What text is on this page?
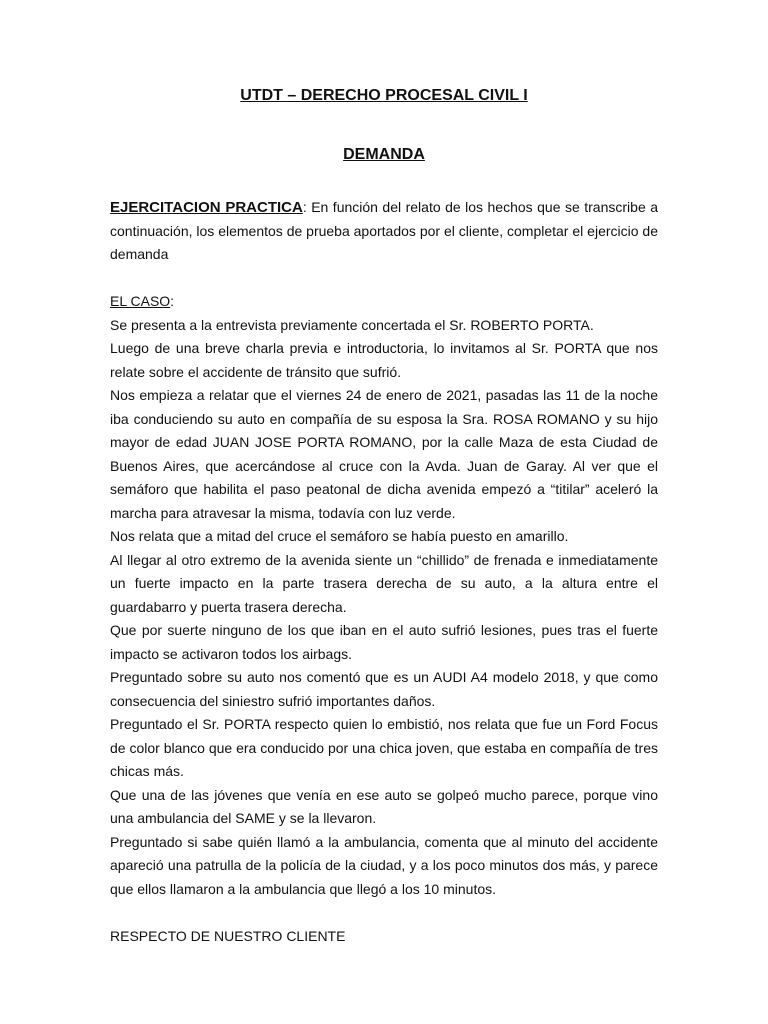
UTDT – DERECHO PROCESAL CIVIL I
DEMANDA

EJERCITACION PRACTICA: En función del relato de los hechos que se transcribe a continuación, los elementos de prueba aportados por el cliente, completar el ejercicio de demanda

EL CASO:

Se presenta a la entrevista previamente concertada el Sr. ROBERTO PORTA.

Luego de una breve charla previa e introductoria, lo invitamos al Sr. PORTA que nos relate sobre el accidente de tránsito que sufrió.

Nos empieza a relatar que el viernes 24 de enero de 2021, pasadas las 11 de la noche iba conduciendo su auto en compañía de su esposa la Sra. ROSA ROMANO y su hijo mayor de edad JUAN JOSE PORTA ROMANO, por la calle Maza de esta Ciudad de Buenos Aires, que acercándose al cruce con la Avda. Juan de Garay. Al ver que el semáforo que habilita el paso peatonal de dicha avenida empezó a “titilar” aceleró la marcha para atravesar la misma, todavía con luz verde.

Nos relata que a mitad del cruce el semáforo se había puesto en amarillo.

Al llegar al otro extremo de la avenida siente un “chillido” de frenada e inmediatamente un fuerte impacto en la parte trasera derecha de su auto, a la altura entre el guardabarro y puerta trasera derecha.

Que por suerte ninguno de los que iban en el auto sufrió lesiones, pues tras el fuerte impacto se activaron todos los airbags.

Preguntado sobre su auto nos comentó que es un AUDI A4 modelo 2018, y que como consecuencia del siniestro sufrió importantes daños.

Preguntado el Sr. PORTA respecto quien lo embistió, nos relata que fue un Ford Focus de color blanco que era conducido por una chica joven, que estaba en compañía de tres chicas más.

Que una de las jóvenes que venía en ese auto se golpeó mucho parece, porque vino una ambulancia del SAME y se la llevaron.

Preguntado si sabe quién llamó a la ambulancia, comenta que al minuto del accidente apareció una patrulla de la policía de la ciudad, y a los poco minutos dos más, y parece que ellos llamaron a la ambulancia que llegó a los 10 minutos.

RESPECTO DE NUESTRO CLIENTE
